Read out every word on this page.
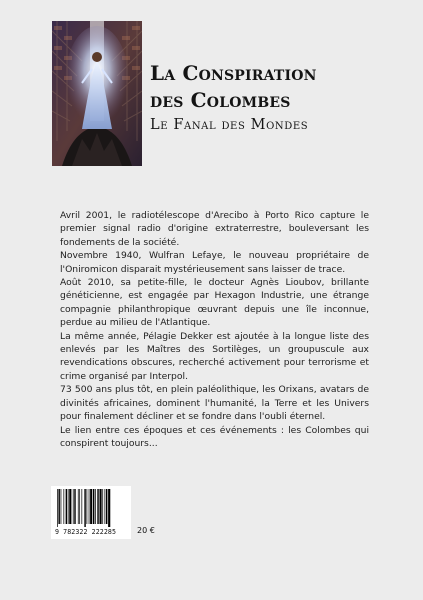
La Conspiration
des Colombes
Le Fanal des Mondes

Avril 2001, le radiotélescope d'Arecibo à Porto Rico capture le premier signal radio d'origine extraterrestre, bouleversant les fondements de la société.

Novembre 1940, Wulfran Lefaye, le nouveau propriétaire de l'Oniromicon disparait mystérieusement sans laisser de trace.

Août 2010, sa petite-fille, le docteur Agnès Lioubov, brillante généticienne, est engagée par Hexagon Industrie, une étrange compagnie philanthropique œuvrant depuis une île inconnue, perdue au milieu de l'Atlantique.

La même année, Pélagie Dekker est ajoutée à la longue liste des enlevés par les Maîtres des Sortilèges, un groupuscule aux revendications obscures, recherché activement pour terrorisme et crime organisé par Interpol.

73 500 ans plus tôt, en plein paléolithique, les Orixans, avatars de divinités africaines, dominent l'humanité, la Terre et les Univers pour finalement décliner et se fondre dans l'oubli éternel.

Le lien entre ces époques et ces événements : les Colombes qui conspirent toujours...

9 782322 222285	20 €
